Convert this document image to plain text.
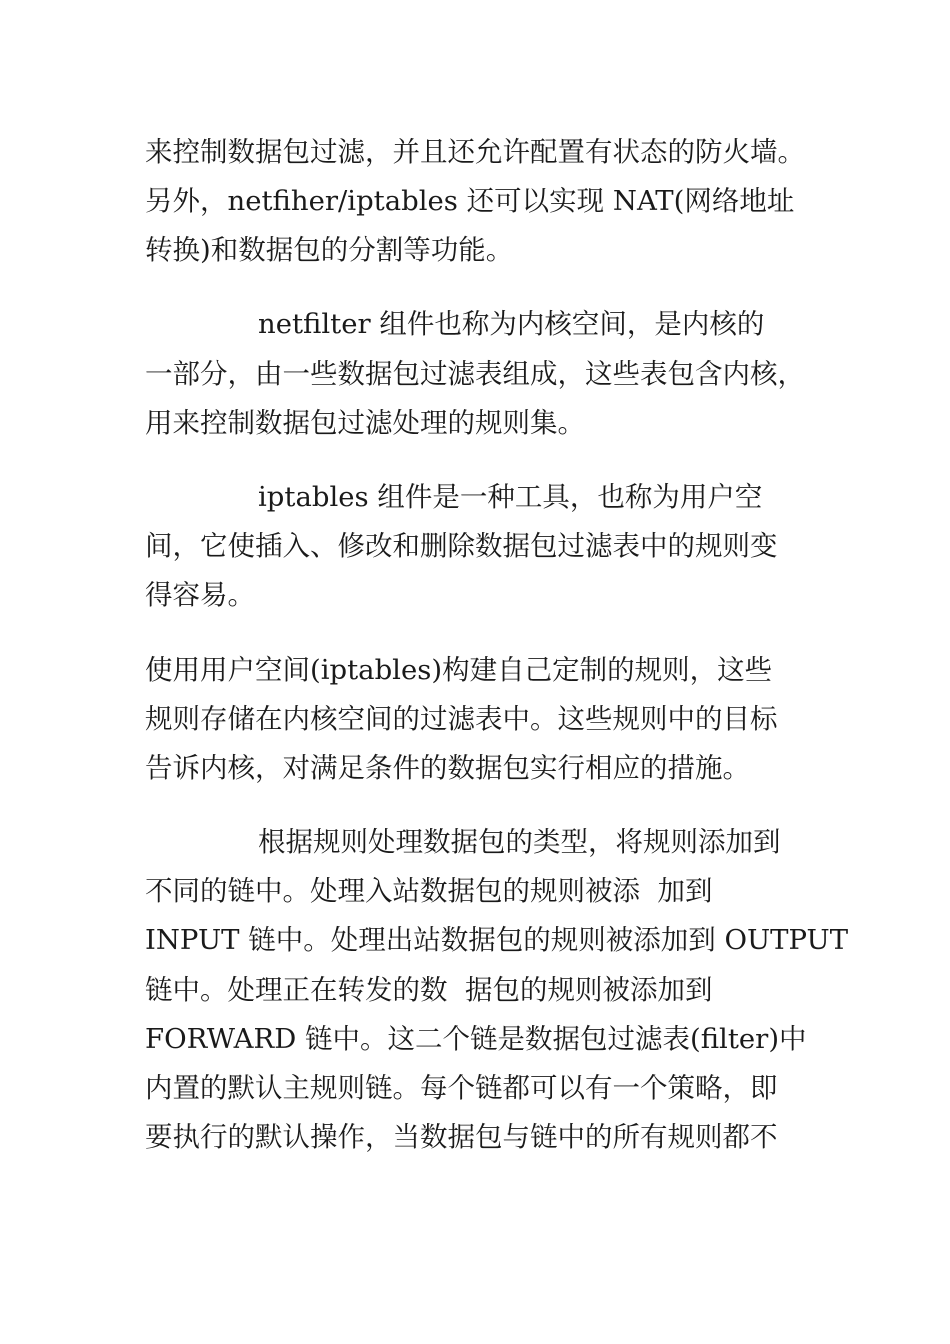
来控制数据包过滤，并且还允许配置有状态的防火墙。
另外，netfiher/iptables 还可以实现 NAT(网络地址
转换)和数据包的分割等功能。
netfilter 组件也称为内核空间，是内核的
一部分，由一些数据包过滤表组成，这些表包含内核，
用来控制数据包过滤处理的规则集。
iptables 组件是一种工具，也称为用户空
间，它使插入、修改和删除数据包过滤表中的规则变
得容易。
使用用户空间(iptables)构建自己定制的规则，这些
规则存储在内核空间的过滤表中。这些规则中的目标
告诉内核，对满足条件的数据包实行相应的措施。
根据规则处理数据包的类型，将规则添加到
不同的链中。处理入站数据包的规则被添  加到
INPUT 链中。处理出站数据包的规则被添加到 OUTPUT
链中。处理正在转发的数  据包的规则被添加到
FORWARD 链中。这二个链是数据包过滤表(filter)中
内置的默认主规则链。每个链都可以有一个策略，即
要执行的默认操作，当数据包与链中的所有规则都不
